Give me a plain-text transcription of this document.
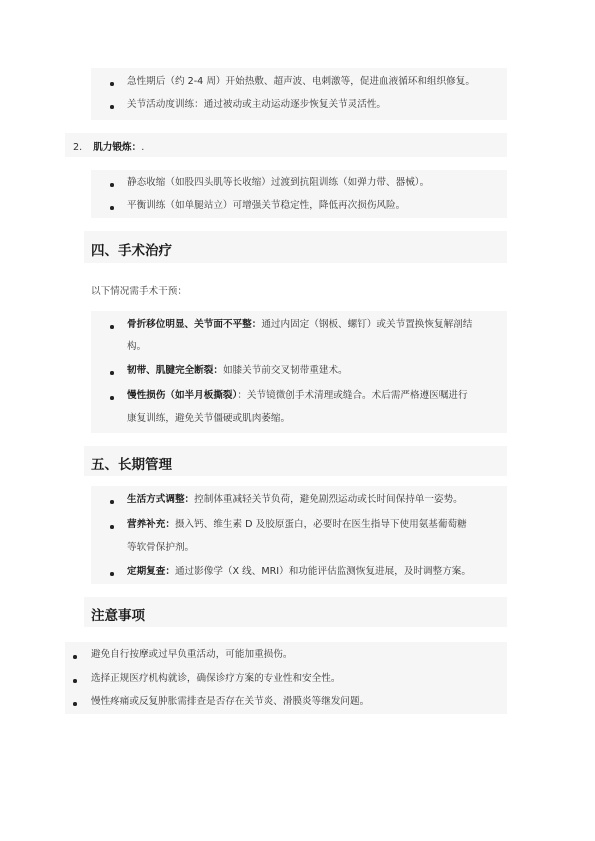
急性期后（约 2-4 周）开始热敷、超声波、电刺激等，促进血液循环和组织修复。
关节活动度训练：通过被动或主动运动逐步恢复关节灵活性。
2. 肌力锻炼：.
静态收缩（如股四头肌等长收缩）过渡到抗阻训练（如弹力带、器械）。
平衡训练（如单腿站立）可增强关节稳定性，降低再次损伤风险。
四、手术治疗
以下情况需手术干预：
骨折移位明显、关节面不平整：通过内固定（钢板、螺钉）或关节置换恢复解剖结
构。
韧带、肌腱完全断裂：如膝关节前交叉韧带重建术。
慢性损伤（如半月板撕裂）：关节镜微创手术清理或缝合。术后需严格遵医嘱进行
康复训练，避免关节僵硬或肌肉萎缩。
五、长期管理
生活方式调整：控制体重减轻关节负荷，避免剧烈运动或长时间保持单一姿势。
营养补充：摄入钙、维生素 D 及胶原蛋白，必要时在医生指导下使用氨基葡萄糖
等软骨保护剂。
定期复查：通过影像学（X 线、MRI）和功能评估监测恢复进展，及时调整方案。
注意事项
避免自行按摩或过早负重活动，可能加重损伤。
选择正规医疗机构就诊，确保诊疗方案的专业性和安全性。
慢性疼痛或反复肿胀需排查是否存在关节炎、滑膜炎等继发问题。
